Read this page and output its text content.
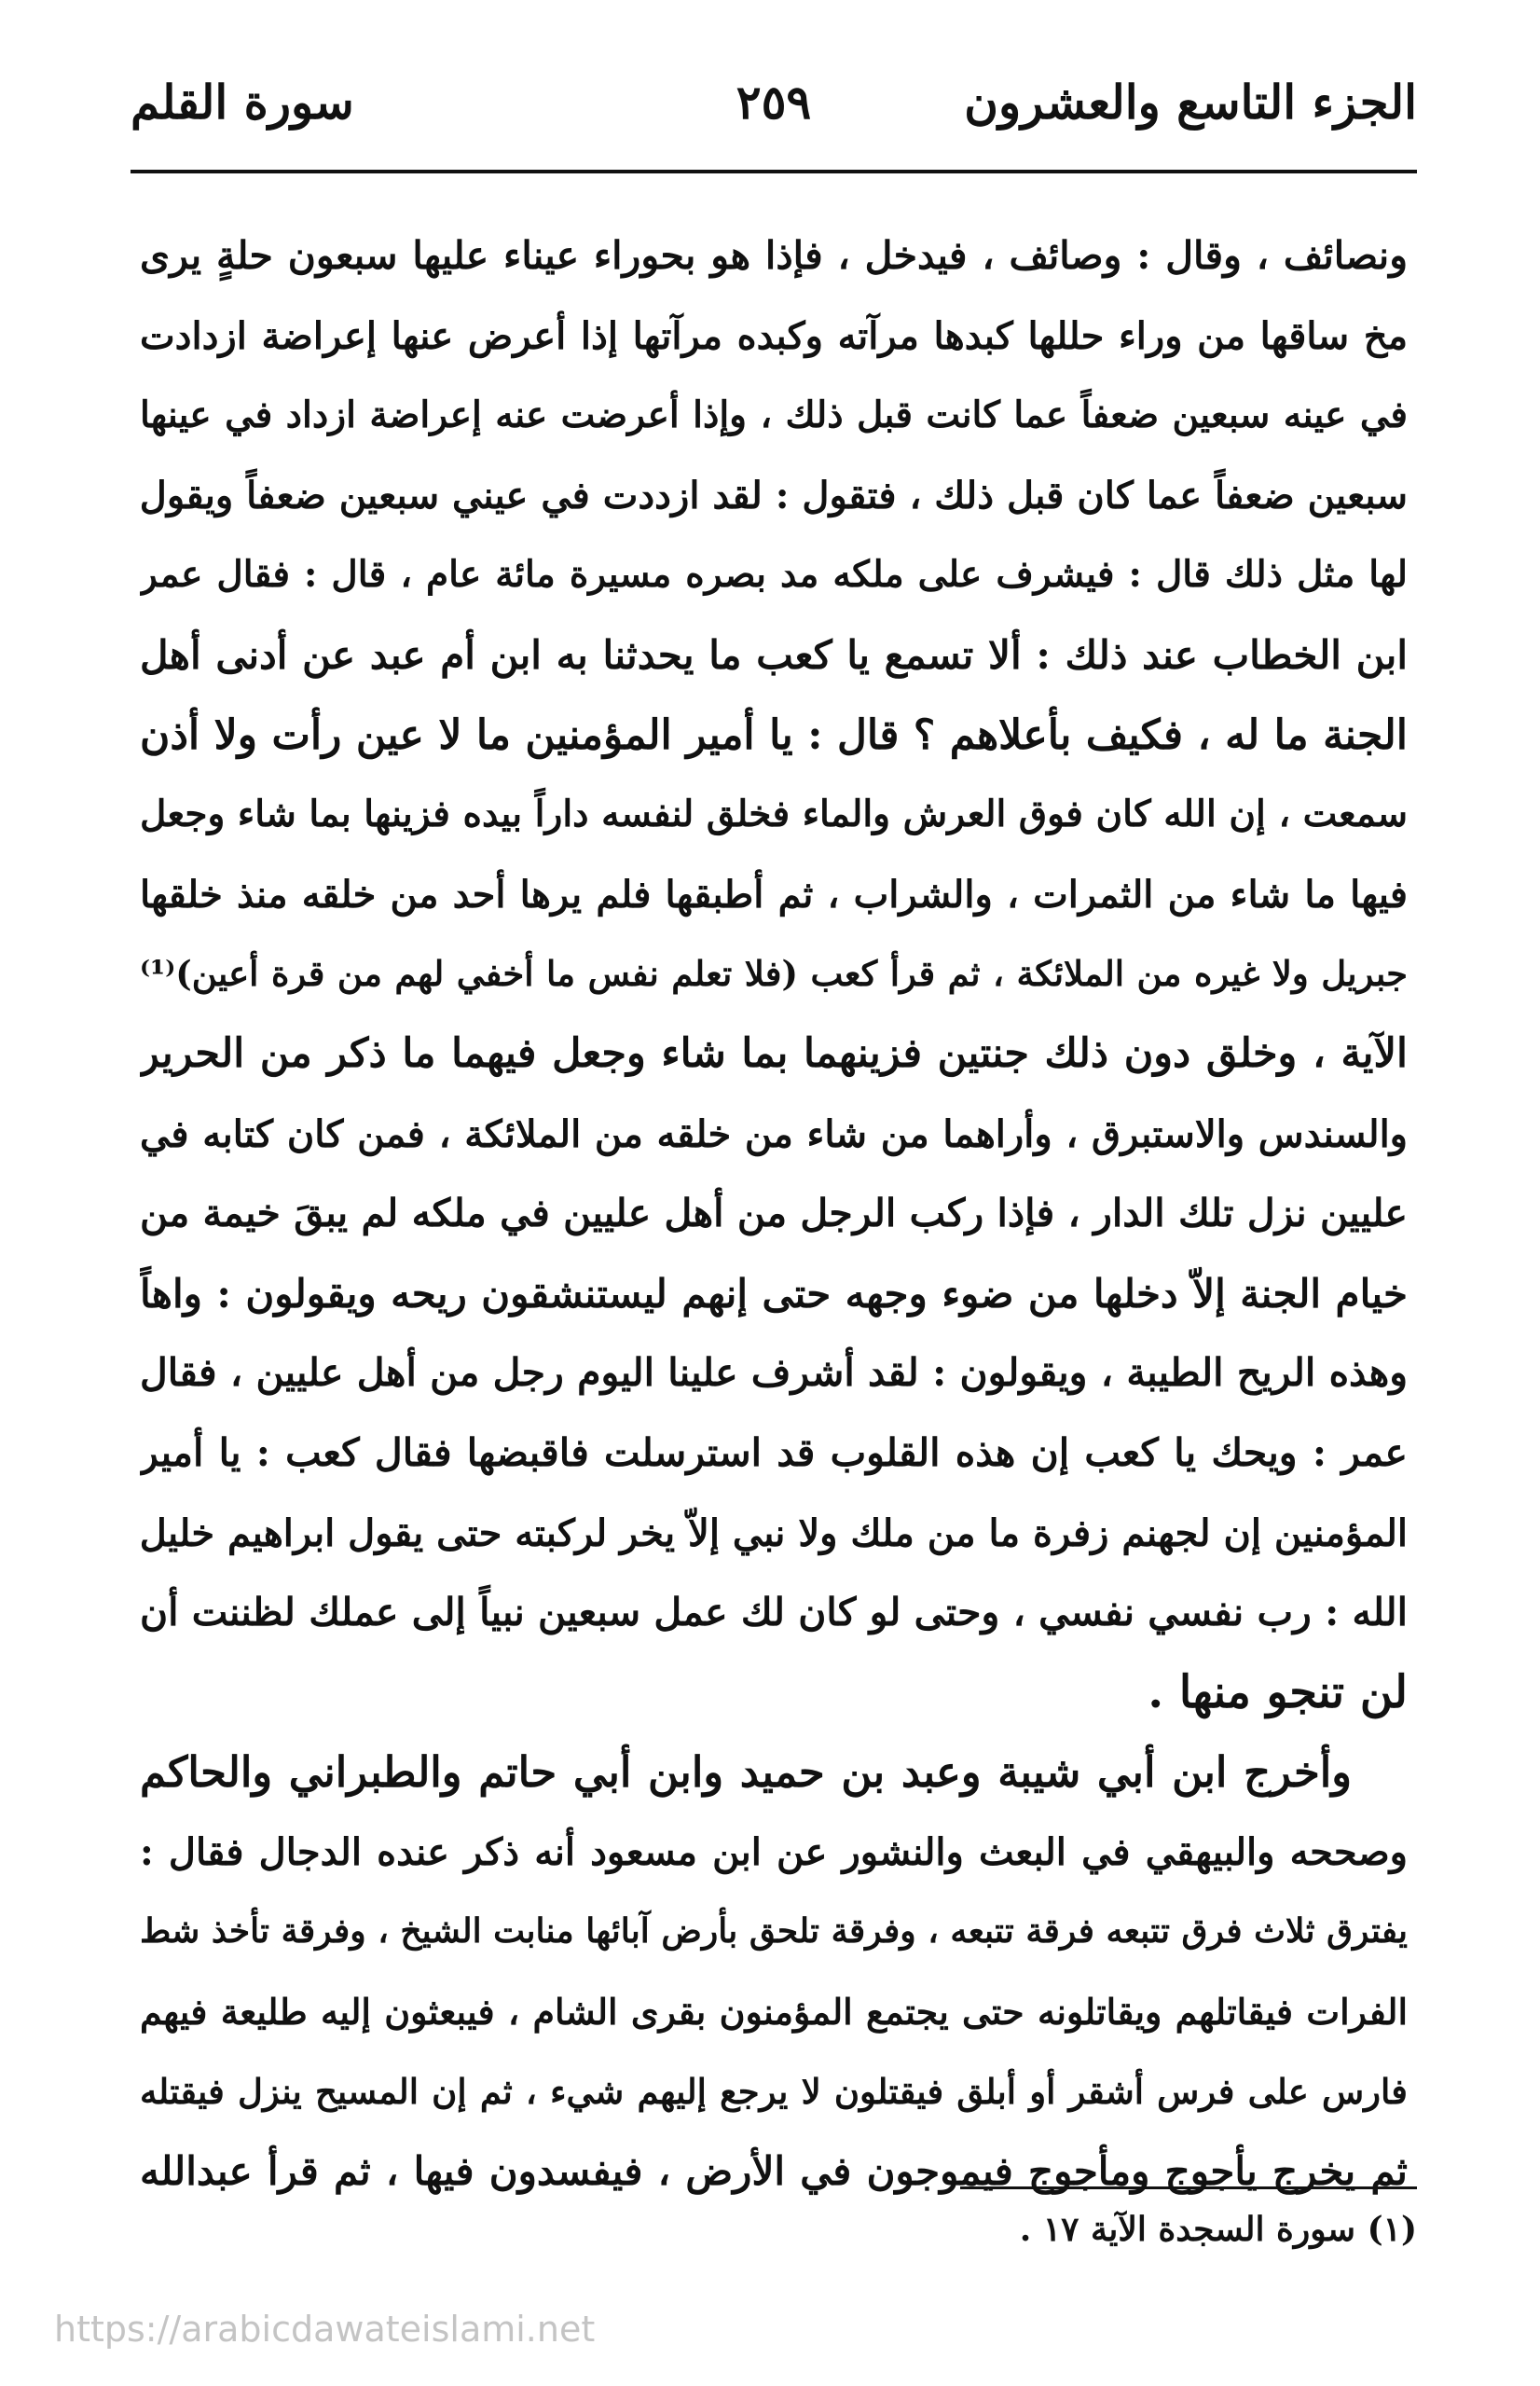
الجزء التاسع والعشرون
٢٥٩
سورة القلم
ونصائف ، وقال : وصائف ، فيدخل ، فإذا هو بحوراء عيناء عليها سبعون حلةٍ يرى
مخ ساقها من وراء حللها كبدها مرآته وكبده مرآتها إذا أعرض عنها إعراضة ازدادت
في عينه سبعين ضعفاً عما كانت قبل ذلك ، وإذا أعرضت عنه إعراضة ازداد في عينها
سبعين ضعفاً عما كان قبل ذلك ، فتقول : لقد ازددت في عيني سبعين ضعفاً ويقول
لها مثل ذلك قال : فيشرف على ملكه مد بصره مسيرة مائة عام ، قال : فقال عمر
ابن الخطاب عند ذلك : ألا تسمع يا كعب ما يحدثنا به ابن أم عبد عن أدنى أهل
الجنة ما له ، فكيف بأعلاهم ؟ قال : يا أمير المؤمنين ما لا عين رأت ولا أذن
سمعت ، إن الله كان فوق العرش والماء فخلق لنفسه داراً بيده فزينها بما شاء وجعل
فيها ما شاء من الثمرات ، والشراب ، ثم أطبقها فلم يرها أحد من خلقه منذ خلقها
جبريل ولا غيره من الملائكة ، ثم قرأ كعب (فلا تعلم نفس ما أخفي لهم من قرة أعين)⁽¹⁾
الآية ، وخلق دون ذلك جنتين فزينهما بما شاء وجعل فيهما ما ذكر من الحرير
والسندس والاستبرق ، وأراهما من شاء من خلقه من الملائكة ، فمن كان كتابه في
عليين نزل تلك الدار ، فإذا ركب الرجل من أهل عليين في ملكه لم يبقَ خيمة من
خيام الجنة إلاّ دخلها من ضوء وجهه حتى إنهم ليستنشقون ريحه ويقولون : واهاً
وهذه الريح الطيبة ، ويقولون : لقد أشرف علينا اليوم رجل من أهل عليين ، فقال
عمر : ويحك يا كعب إن هذه القلوب قد استرسلت فاقبضها فقال كعب : يا أمير
المؤمنين إن لجهنم زفرة ما من ملك ولا نبي إلاّ يخر لركبته حتى يقول ابراهيم خليل
الله : رب نفسي نفسي ، وحتى لو كان لك عمل سبعين نبياً إلى عملك لظننت أن
لن تنجو منها .
وأخرج ابن أبي شيبة وعبد بن حميد وابن أبي حاتم والطبراني والحاكم
وصححه والبيهقي في البعث والنشور عن ابن مسعود أنه ذكر عنده الدجال فقال :
يفترق ثلاث فرق تتبعه فرقة تتبعه ، وفرقة تلحق بأرض آبائها منابت الشيخ ، وفرقة تأخذ شط
الفرات فيقاتلهم ويقاتلونه حتى يجتمع المؤمنون بقرى الشام ، فيبعثون إليه طليعة فيهم
فارس على فرس أشقر أو أبلق فيقتلون لا يرجع إليهم شيء ، ثم إن المسيح ينزل فيقتله
ثم يخرج يأجوج ومأجوج فيموجون في الأرض ، فيفسدون فيها ، ثم قرأ عبدالله
(١) سورة السجدة الآية ١٧ .
https://arabicdawateislami.net
